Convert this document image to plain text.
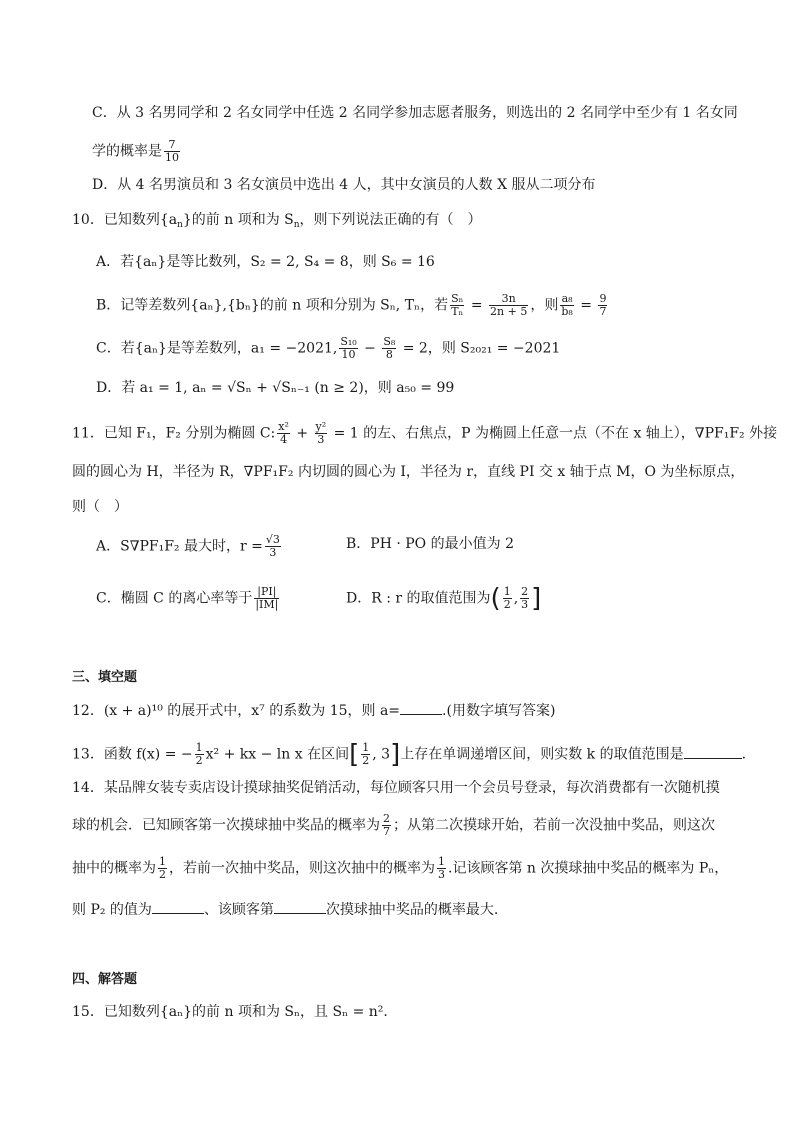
C．从 3 名男同学和 2 名女同学中任选 2 名同学参加志愿者服务，则选出的 2 名同学中至少有 1 名女同
学的概率是 $\frac{7}{10}$
D．从 4 名男演员和 3 名女演员中选出 4 人，其中女演员的人数 X 服从二项分布
10．已知数列$\{a_n\}$的前 n 项和为 $S_n$，则下列说法正确的有（　）
A．若{aₙ}是等比数列，S₂ = 2, S₄ = 8，则 S₆ = 16
B．记等差数列{aₙ},{bₙ}的前 n 项和分别为 Sₙ, Tₙ，若 $\frac{\text{Sₙ}}{\text{Tₙ}} = \frac{3n}{2n + 5}$ ，则 $\frac{\text{a₈}}{\text{b₈}} = \frac{9}{7}$
C．若{aₙ}是等差数列，a₁ = −2021, $\frac{\text{S₁₀}}{10} - \frac{\text{S₈}}{8} = 2$，则 S₂₀₂₁ = −2021
D．若 a₁ = 1, aₙ = √Sₙ + √Sₙ₋₁ (n ≥ 2)，则 a₅₀ = 99
11．已知 F₁，F₂ 分别为椭圆 C: $\frac{\text{x²}}{4} + \frac{\text{y²}}{3} = 1$ 的左、右焦点，P 为椭圆上任意一点（不在 x 轴上），∇PF₁F₂ 外接
圆的圆心为 H，半径为 R，∇PF₁F₂ 内切圆的圆心为 I，半径为 r，直线 PI 交 x 轴于点 M，O 为坐标原点，
则（　）
A．S∇PF₁F₂ 最大时，$r = \frac{√3}{3}$	B．PH · PO 的最小值为 2
C．椭圆 C 的离心率等于 $\frac{|PI|}{|IM|}$	D．R : r 的取值范围为( $\frac{1}{2}$ , $\frac{2}{3}$ ]
三、填空题
12．(x + a)¹⁰ 的展开式中，x⁷ 的系数为 15，则 a=	.(用数字填写答案)
13．函数 f(x) = − $\frac{1}{2} x^2$ + kx − ln x 在区间[ $\frac{1}{2}$ , 3]上存在单调递增区间，则实数 k 的取值范围是	.
14．某品牌女装专卖店设计摸球抽奖促销活动，每位顾客只用一个会员号登录，每次消费都有一次随机摸
球的机会．已知顾客第一次摸球抽中奖品的概率为 $\frac{2}{7}$ ；从第二次摸球开始，若前一次没抽中奖品，则这次
抽中的概率为 $\frac{1}{2}$ ，若前一次抽中奖品，则这次抽中的概率为 $\frac{1}{3}$ .记该顾客第 n 次摸球抽中奖品的概率为 Pₙ，
则 P₂ 的值为	、该顾客第	次摸球抽中奖品的概率最大.
四、解答题
15．已知数列{aₙ}的前 n 项和为 Sₙ，且 Sₙ = n².
